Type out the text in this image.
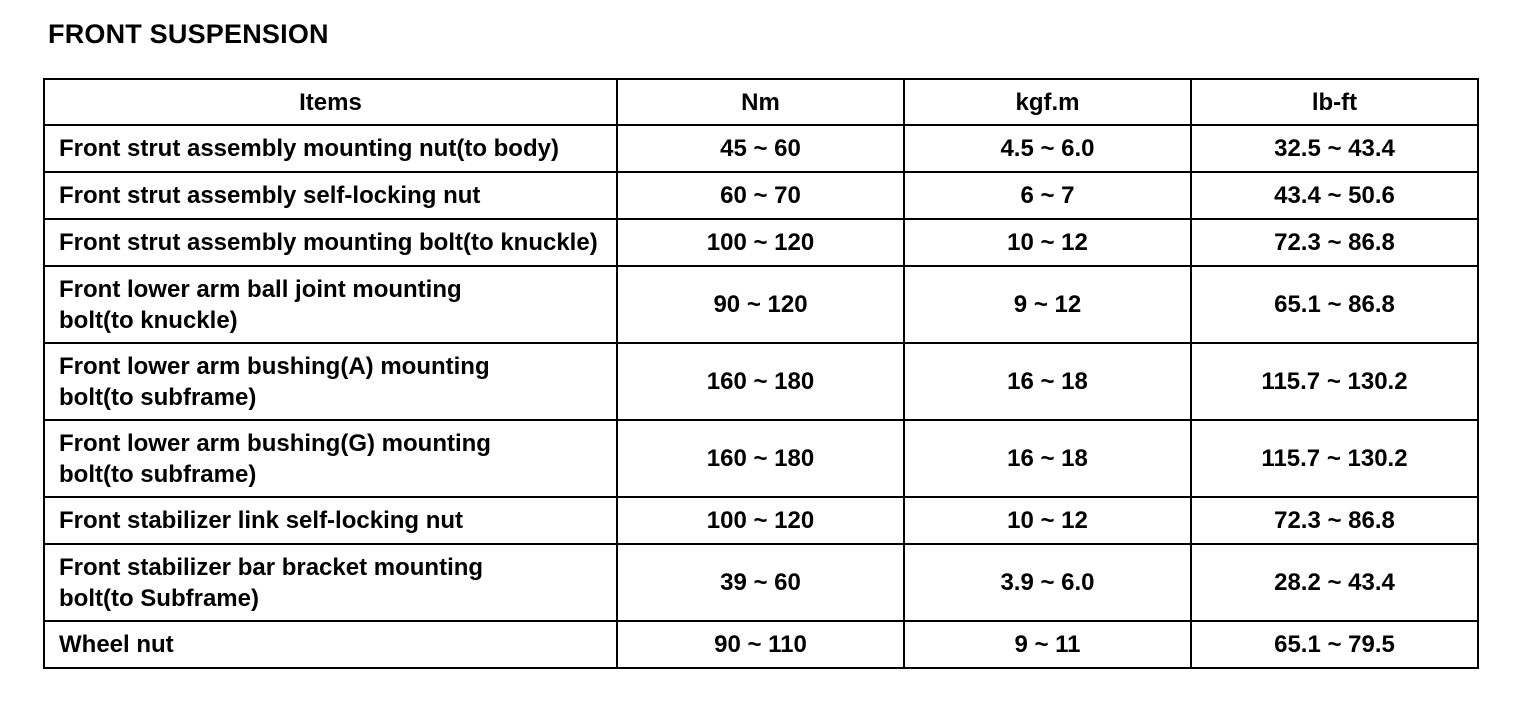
FRONT SUSPENSION
Items	Nm	kgf.m	lb-ft
Front strut assembly mounting nut(to body)	45 ~ 60	4.5 ~ 6.0	32.5 ~ 43.4
Front strut assembly self-locking nut	60 ~ 70	6 ~ 7	43.4 ~ 50.6
Front strut assembly mounting bolt(to knuckle)	100 ~ 120	10 ~ 12	72.3 ~ 86.8
Front lower arm ball joint mounting
bolt(to knuckle)	90 ~ 120	9 ~ 12	65.1 ~ 86.8
Front lower arm bushing(A) mounting
bolt(to subframe)	160 ~ 180	16 ~ 18	115.7 ~ 130.2
Front lower arm bushing(G) mounting
bolt(to subframe)	160 ~ 180	16 ~ 18	115.7 ~ 130.2
Front stabilizer link self-locking nut	100 ~ 120	10 ~ 12	72.3 ~ 86.8
Front stabilizer bar bracket mounting
bolt(to Subframe)	39 ~ 60	3.9 ~ 6.0	28.2 ~ 43.4
Wheel nut	90 ~ 110	9 ~ 11	65.1 ~ 79.5
